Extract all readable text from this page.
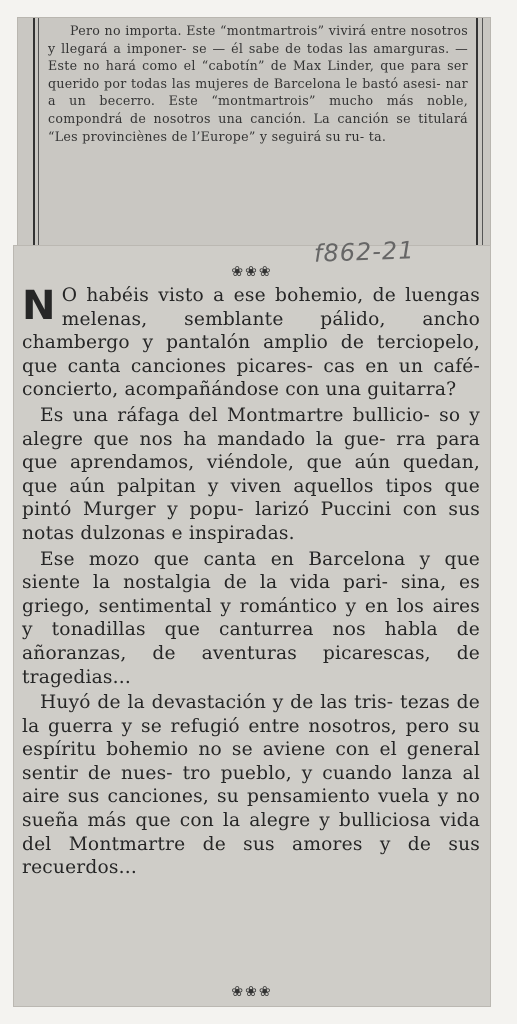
Pero no importa. Este “montmartrois” vivirá entre nosotros y llegará a imponer- se — él sabe de todas las amarguras. — Este no hará como el “cabotín” de Max Linder, que para ser querido por todas las mujeres de Barcelona le bastó asesi- nar a un becerro. Este “montmartrois” mucho más noble, compondrá de nosotros una canción. La canción se titulará “Les provinciènes de l’Europe” y seguirá su ru- ta.

f862-21
❀❀❀

N O habéis visto a ese bohemio, de luengas melenas, semblante pálido, ancho chambergo y pantalón amplio de terciopelo, que canta canciones picares- cas en un café-concierto, acompañándose con una guitarra?

Es una ráfaga del Montmartre bullicio- so y alegre que nos ha mandado la gue- rra para que aprendamos, viéndole, que aún quedan, que aún palpitan y viven aquellos tipos que pintó Murger y popu- larizó Puccini con sus notas dulzonas e inspiradas.

Ese mozo que canta en Barcelona y que siente la nostalgia de la vida pari- sina, es griego, sentimental y romántico y en los aires y tonadillas que canturrea nos habla de añoranzas, de aventuras picarescas, de tragedias...

Huyó de la devastación y de las tris- tezas de la guerra y se refugió entre nosotros, pero su espíritu bohemio no se aviene con el general sentir de nues- tro pueblo, y cuando lanza al aire sus canciones, su pensamiento vuela y no sueña más que con la alegre y bulliciosa vida del Montmartre de sus amores y de sus recuerdos...

❀❀❀
